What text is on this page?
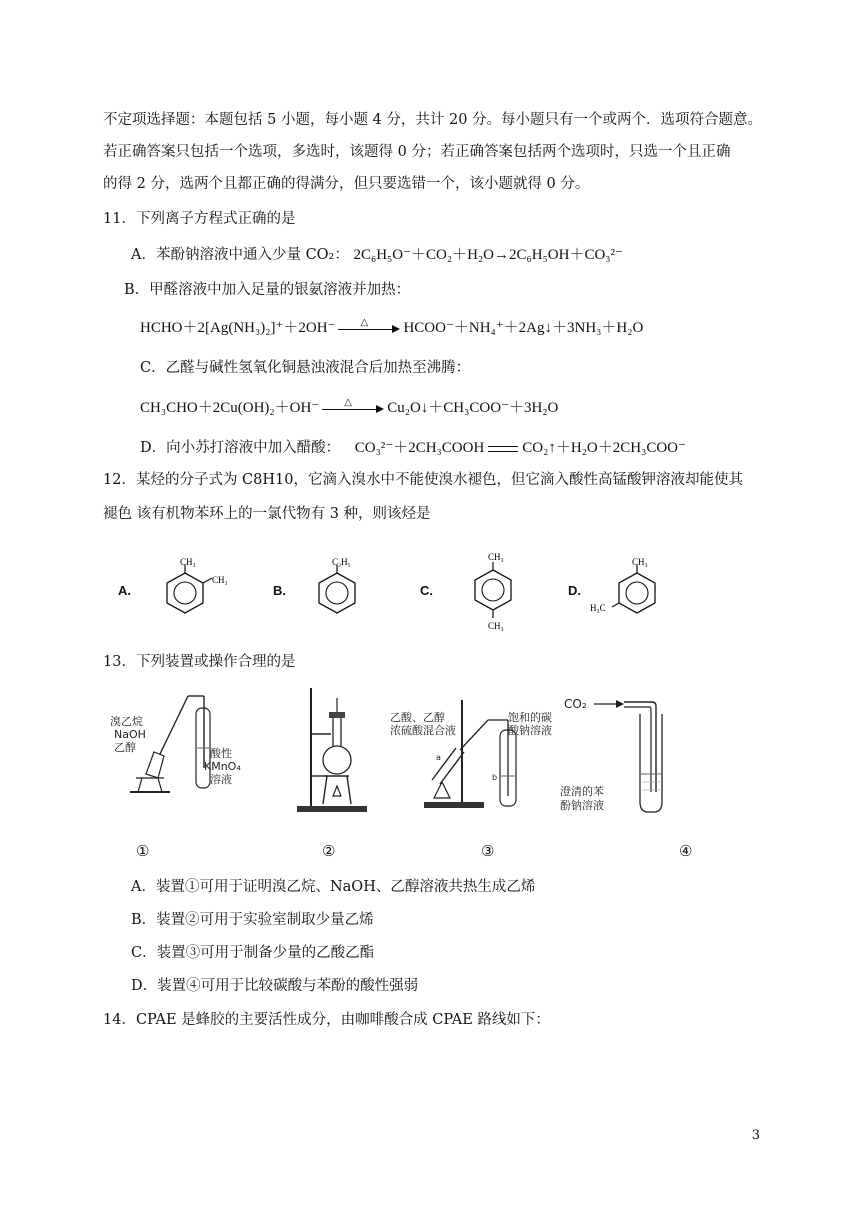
不定项选择题：本题包括 5 小题，每小题 4 分，共计 20 分。每小题只有一个或两个．选项符合题意。
若正确答案只包括一个选项，多选时，该题得 0 分；若正确答案包括两个选项时，只选一个且正确
的得 2 分，选两个且都正确的得满分，但只要选错一个，该小题就得 0 分。
11．下列离子方程式正确的是
A．苯酚钠溶液中通入少量 CO₂： 2C₆H₅O⁻＋CO₂＋H₂O→2C₆H₅OH＋CO₃²⁻
B．甲醛溶液中加入足量的银氨溶液并加热：
HCHO＋2[Ag(NH₃)₂]⁺＋2OH⁻	△ HCOO⁻＋NH₄⁺＋2Ag↓＋3NH₃＋H₂O
C．乙醛与碱性氢氧化铜悬浊液混合后加热至沸腾：
CH₃CHO＋2Cu(OH)₂＋OH⁻	△ Cu₂O↓＋CH₃COO⁻＋3H₂O
D．向小苏打溶液中加入醋酸： CO₃²⁻＋2CH₃COOH	CO₂↑＋H₂O＋2CH₃COO⁻
12．某烃的分子式为 C8H10，它滴入溴水中不能使溴水褪色，但它滴入酸性高锰酸钾溶液却能使其
褪色 该有机物苯环上的一氯代物有 3 种，则该烃是
A.
CH₃
CH₃
B.
C₂H₅
C.
CH₃
CH₃
D.
CH₃
H₃C
13．下列装置或操作合理的是
溴乙烷
NaOH
乙醇	酸性
KMnO₄
溶液
乙酸、乙醇
浓硫酸混合液
饱和的碳
酸钠溶液
a
b
CO₂
澄清的苯
酚钠溶液
①	②	③	④
A．装置①可用于证明溴乙烷、NaOH、乙醇溶液共热生成乙烯
B．装置②可用于实验室制取少量乙烯
C．装置③可用于制备少量的乙酸乙酯
D．装置④可用于比较碳酸与苯酚的酸性强弱
14．CPAE 是蜂胶的主要活性成分，由咖啡酸合成 CPAE 路线如下：
3
